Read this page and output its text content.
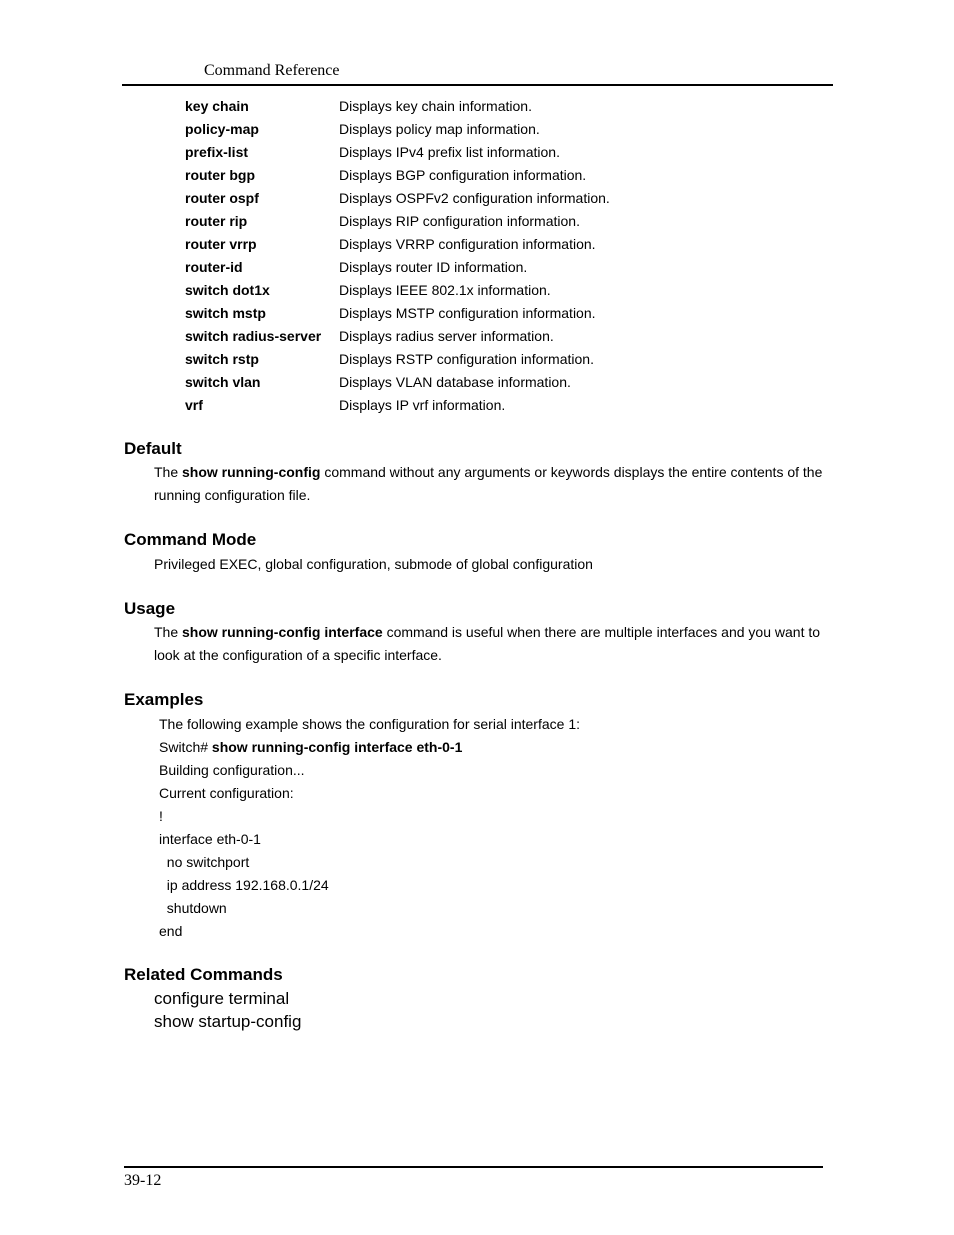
Command Reference
key chain	Displays key chain information.
policy-map	Displays policy map information.
prefix-list	Displays IPv4 prefix list information.
router bgp	Displays BGP configuration information.
router ospf	Displays OSPFv2 configuration information.
router rip	Displays RIP configuration information.
router vrrp	Displays VRRP configuration information.
router-id	Displays router ID information.
switch dot1x	Displays IEEE 802.1x information.
switch mstp	Displays MSTP configuration information.
switch radius-server Displays radius server information.
switch rstp	Displays RSTP configuration information.
switch vlan	Displays VLAN database information.
vrf	Displays IP vrf information.
Default
The show running-config command without any arguments or keywords displays the entire contents of the running configuration file.
Command Mode
Privileged EXEC, global configuration, submode of global configuration
Usage
The show running-config interface command is useful when there are multiple interfaces and you want to look at the configuration of a specific interface.
Examples
The following example shows the configuration for serial interface 1:
Switch# show running-config interface eth-0-1
Building configuration...
Current configuration:
!
interface eth-0-1
no switchport
ip address 192.168.0.1/24
shutdown
end
Related Commands
configure terminal
show startup-config
39-12
